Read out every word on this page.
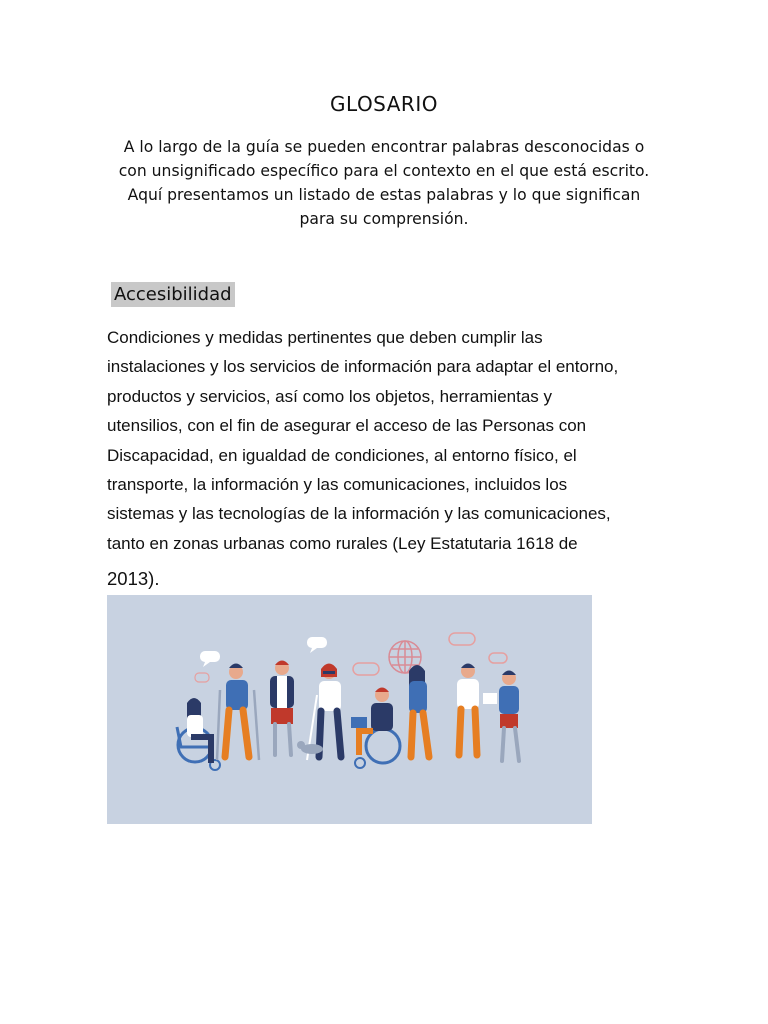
GLOSARIO
A lo largo de la guía se pueden encontrar palabras desconocidas o con unsignificado específico para el contexto en el que está escrito. Aquí presentamos un listado de estas palabras y lo que significan para su comprensión.
Accesibilidad
Condiciones y medidas pertinentes que deben cumplir las
instalaciones y los servicios de información para adaptar el entorno,
productos y servicios, así como los objetos, herramientas y
utensilios, con el fin de asegurar el acceso de las Personas con
Discapacidad, en igualdad de condiciones, al entorno físico, el
transporte, la información y las comunicaciones, incluidos los
sistemas y las tecnologías de la información y las comunicaciones,
tanto en zonas urbanas como rurales (Ley Estatutaria 1618 de
2013).
